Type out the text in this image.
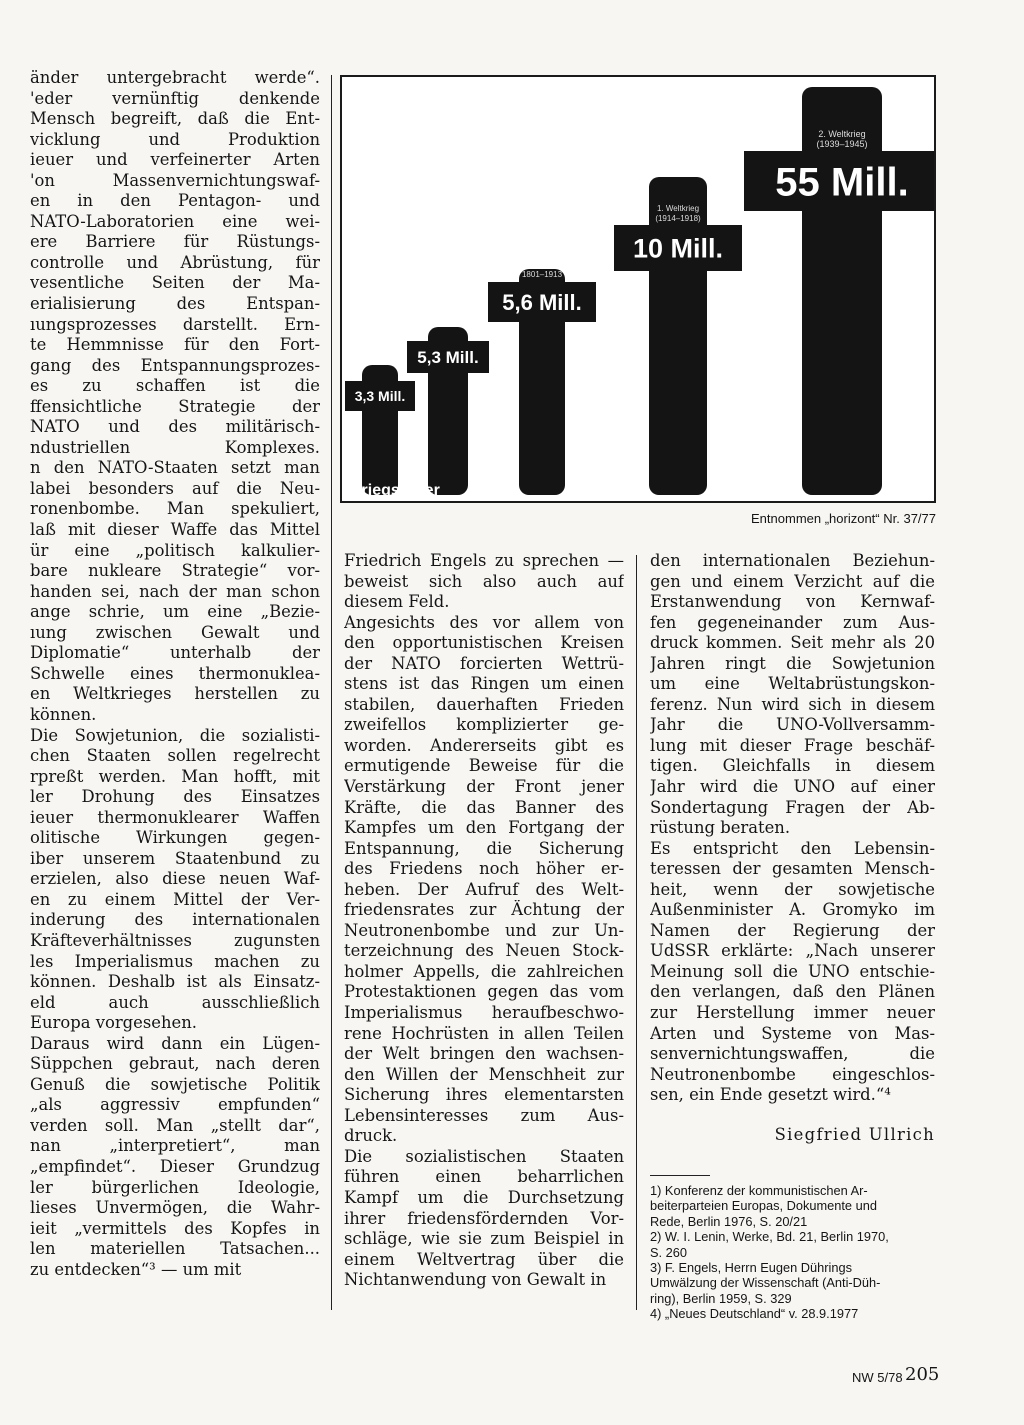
änder untergebracht werde“.
'eder vernünftig denkende
Mensch begreift, daß die Ent-
vicklung und Produktion
ieuer und verfeinerter Arten
'on Massenvernichtungswaf-
en in den Pentagon- und
NATO-Laboratorien eine wei-
ere Barriere für Rüstungs-
controlle und Abrüstung, für
vesentliche Seiten der Ma-
erialisierung des Entspan-
ıungsprozesses darstellt. Ern-
te Hemmnisse für den Fort-
gang des Entspannungsprozes-
es zu schaffen ist die
ffensichtliche Strategie der
NATO und des militärisch-
ndustriellen Komplexes.
n den NATO-Staaten setzt man
labei besonders auf die Neu-
ronenbombe. Man spekuliert,
laß mit dieser Waffe das Mittel
ür eine „politisch kalkulier-
bare nukleare Strategie“ vor-
handen sei, nach der man schon
ange schrie, um eine „Bezie-
ıung zwischen Gewalt und
Diplomatie“ unterhalb der
Schwelle eines thermonuklea-
en Weltkrieges herstellen zu
können.
Die Sowjetunion, die sozialisti-
chen Staaten sollen regelrecht
rpreßt werden. Man hofft, mit
ler Drohung des Einsatzes
ieuer thermonuklearer Waffen
olitische Wirkungen gegen-
iber unserem Staatenbund zu
erzielen, also diese neuen Waf-
en zu einem Mittel der Ver-
inderung des internationalen
Kräfteverhältnisses zugunsten
les Imperialismus machen zu
können. Deshalb ist als Einsatz-
eld auch ausschließlich
Europa vorgesehen.
Daraus wird dann ein Lügen-
Süppchen gebraut, nach deren
Genuß die sowjetische Politik
„als aggressiv empfunden“
verden soll. Man „stellt dar“,
nan „interpretiert“, man
„empfindet“. Dieser Grundzug
ler bürgerlichen Ideologie,
lieses Unvermögen, die Wahr-
ieit „vermittels des Kopfes in
len materiellen Tatsachen...
zu entdecken“³ — um mit
Friedrich Engels zu sprechen —
beweist sich also auch auf
diesem Feld.
Angesichts des vor allem von
den opportunistischen Kreisen
der NATO forcierten Wettrü-
stens ist das Ringen um einen
stabilen, dauerhaften Frieden
zweifellos komplizierter ge-
worden. Andererseits gibt es
ermutigende Beweise für die
Verstärkung der Front jener
Kräfte, die das Banner des
Kampfes um den Fortgang der
Entspannung, die Sicherung
des Friedens noch höher er-
heben. Der Aufruf des Welt-
friedensrates zur Ächtung der
Neutronenbombe und zur Un-
terzeichnung des Neuen Stock-
holmer Appells, die zahlreichen
Protestaktionen gegen das vom
Imperialismus heraufbeschwo-
rene Hochrüsten in allen Teilen
der Welt bringen den wachsen-
den Willen der Menschheit zur
Sicherung ihres elementarsten
Lebensinteresses zum Aus-
druck.
Die sozialistischen Staaten
führen einen beharrlichen
Kampf um die Durchsetzung
ihrer friedensfördernden Vor-
schläge, wie sie zum Beispiel in
einem Weltvertrag über die
Nichtanwendung von Gewalt in
den internationalen Beziehun-
gen und einem Verzicht auf die
Erstanwendung von Kernwaf-
fen gegeneinander zum Aus-
druck kommen. Seit mehr als 20
Jahren ringt die Sowjetunion
um eine Weltabrüstungskon-
ferenz. Nun wird sich in diesem
Jahr die UNO-Vollversamm-
lung mit dieser Frage beschäf-
tigen. Gleichfalls in diesem
Jahr wird die UNO auf einer
Sondertagung Fragen der Ab-
rüstung beraten.
Es entspricht den Lebensin-
teressen der gesamten Mensch-
heit, wenn der sowjetische
Außenminister A. Gromyko im
Namen der Regierung der
UdSSR erklärte: „Nach unserer
Meinung soll die UNO entschie-
den verlangen, daß den Plänen
zur Herstellung immer neuer
Arten und Systeme von Mas-
senvernichtungswaffen, die
Neutronenbombe eingeschlos-
sen, ein Ende gesetzt wird.“⁴
3,3 Mill.
5,3 Mill.
5,6 Mill.
1801–1913
10 Mill.
1. Weltkrieg
(1914–1918)
55 Mill.
2. Weltkrieg
(1939–1945)
Kriegsopfer
Entnommen „horizont“ Nr. 37/77
Siegfried Ullrich
1) Konferenz der kommunistischen Ar-
beiterparteien Europas, Dokumente und
Rede, Berlin 1976, S. 20/21
2) W. I. Lenin, Werke, Bd. 21, Berlin 1970,
S. 260
3) F. Engels, Herrn Eugen Dührings
Umwälzung der Wissenschaft (Anti-Düh-
ring), Berlin 1959, S. 329
4) „Neues Deutschland“ v. 28.9.1977
NW 5/78 205
